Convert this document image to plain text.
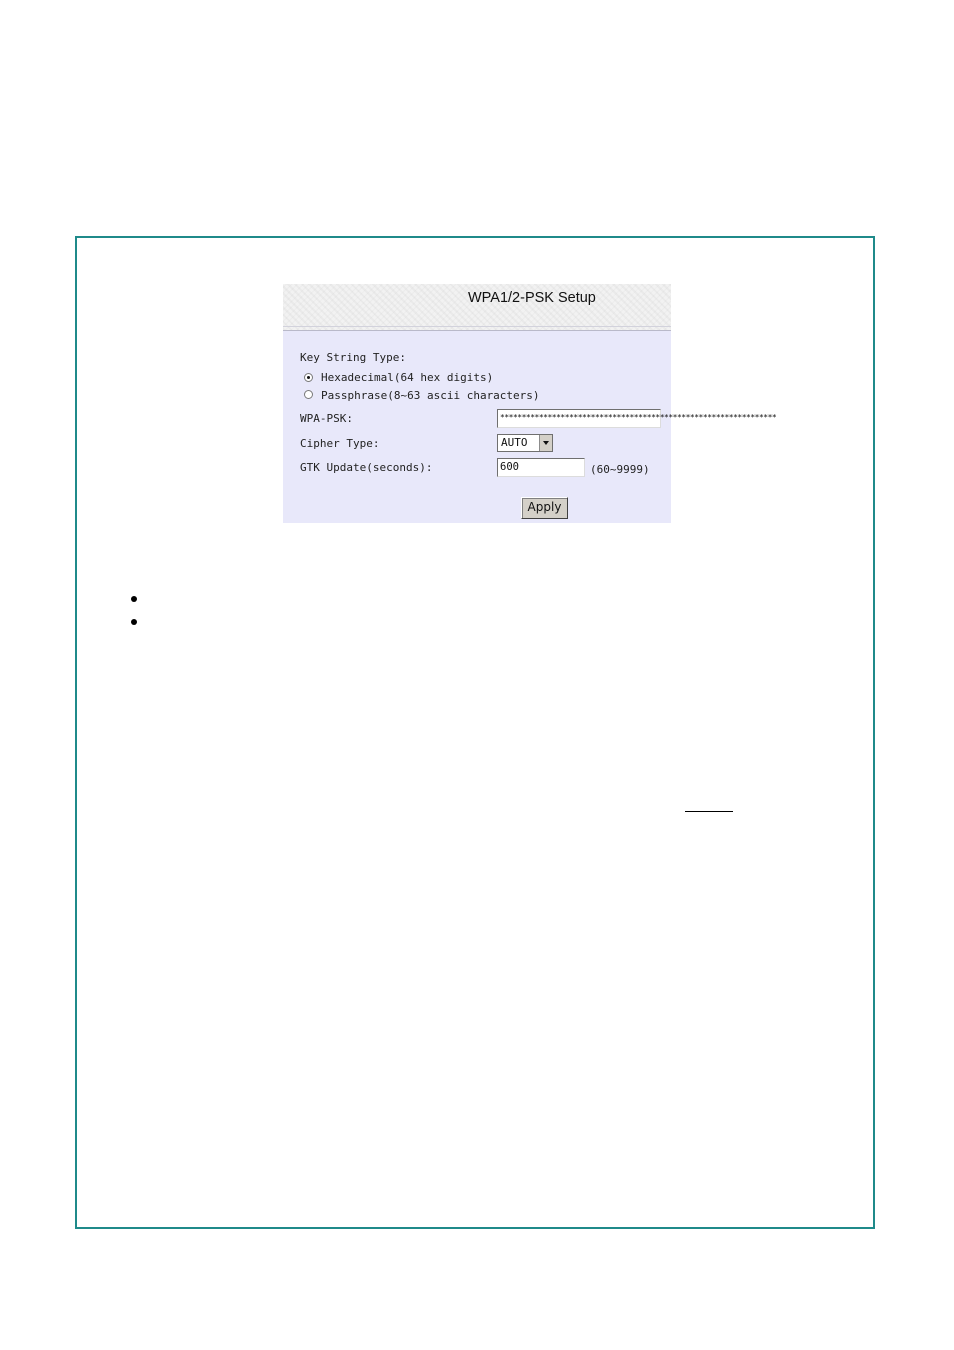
WPA1/2-PSK Setup
Key String Type:
Hexadecimal(64 hex digits)
Passphrase(8~63 ascii characters)
WPA-PSK:	****************************************************************
Cipher Type:	AUTO
GTK Update(seconds):	600	(60~9999)
Apply
